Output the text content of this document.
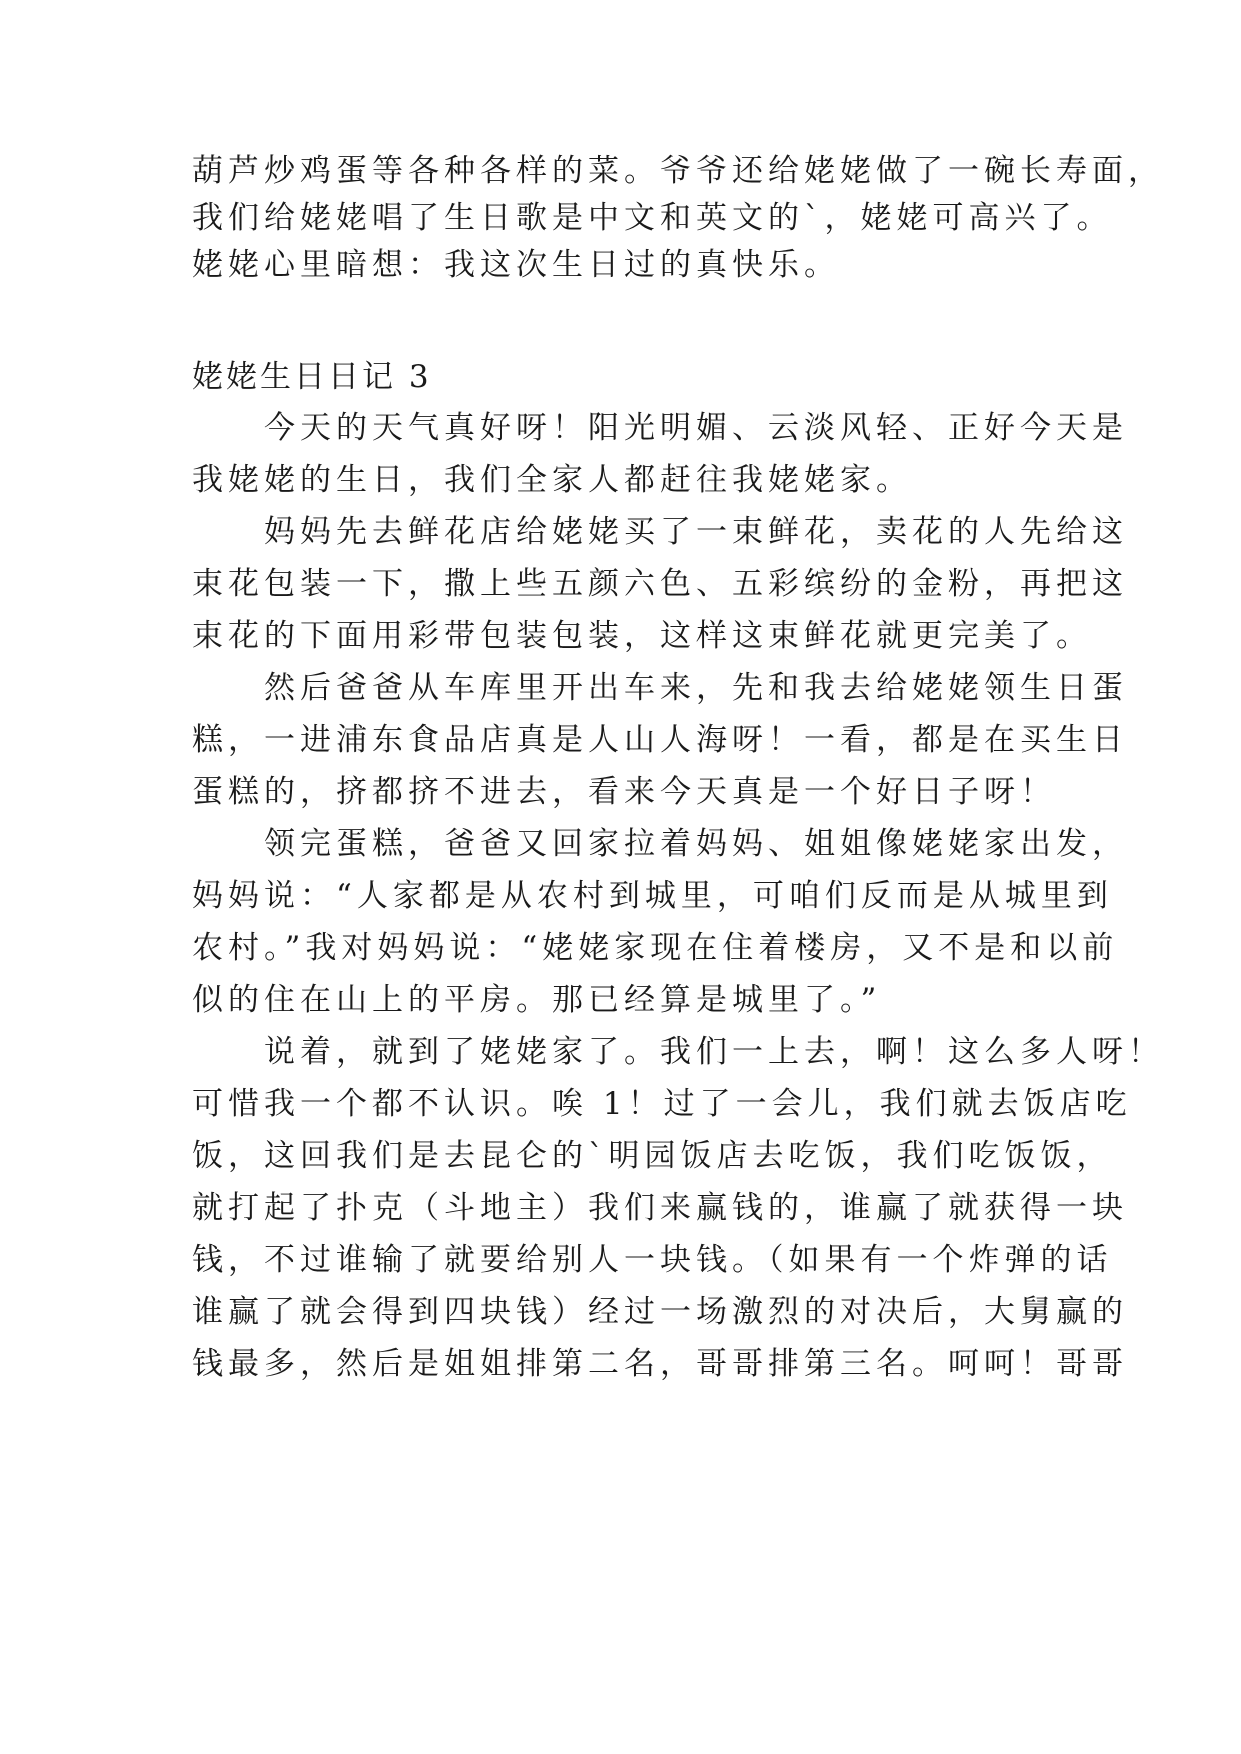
葫芦炒鸡蛋等各种各样的菜。爷爷还给姥姥做了一碗长寿面，
我们给姥姥唱了生日歌是中文和英文的`，姥姥可高兴了。
姥姥心里暗想：我这次生日过的真快乐。
姥姥生日日记 3
　　今天的天气真好呀！阳光明媚、云淡风轻、正好今天是
我姥姥的生日，我们全家人都赶往我姥姥家。
　　妈妈先去鲜花店给姥姥买了一束鲜花，卖花的人先给这
束花包装一下，撒上些五颜六色、五彩缤纷的金粉，再把这
束花的下面用彩带包装包装，这样这束鲜花就更完美了。
　　然后爸爸从车库里开出车来，先和我去给姥姥领生日蛋
糕，一进浦东食品店真是人山人海呀！一看，都是在买生日
蛋糕的，挤都挤不进去，看来今天真是一个好日子呀！
　　领完蛋糕，爸爸又回家拉着妈妈、姐姐像姥姥家出发，
妈妈说：“人家都是从农村到城里，可咱们反而是从城里到
农村。”我对妈妈说：“姥姥家现在住着楼房，又不是和以前
似的住在山上的平房。那已经算是城里了。”
　　说着，就到了姥姥家了。我们一上去，啊！这么多人呀！
可惜我一个都不认识。唉 1！过了一会儿，我们就去饭店吃
饭，这回我们是去昆仑的`明园饭店去吃饭，我们吃饭饭，
就打起了扑克（斗地主）我们来赢钱的，谁赢了就获得一块
钱，不过谁输了就要给别人一块钱。（如果有一个炸弹的话
谁赢了就会得到四块钱）经过一场激烈的对决后，大舅赢的
钱最多，然后是姐姐排第二名，哥哥排第三名。呵呵！哥哥
